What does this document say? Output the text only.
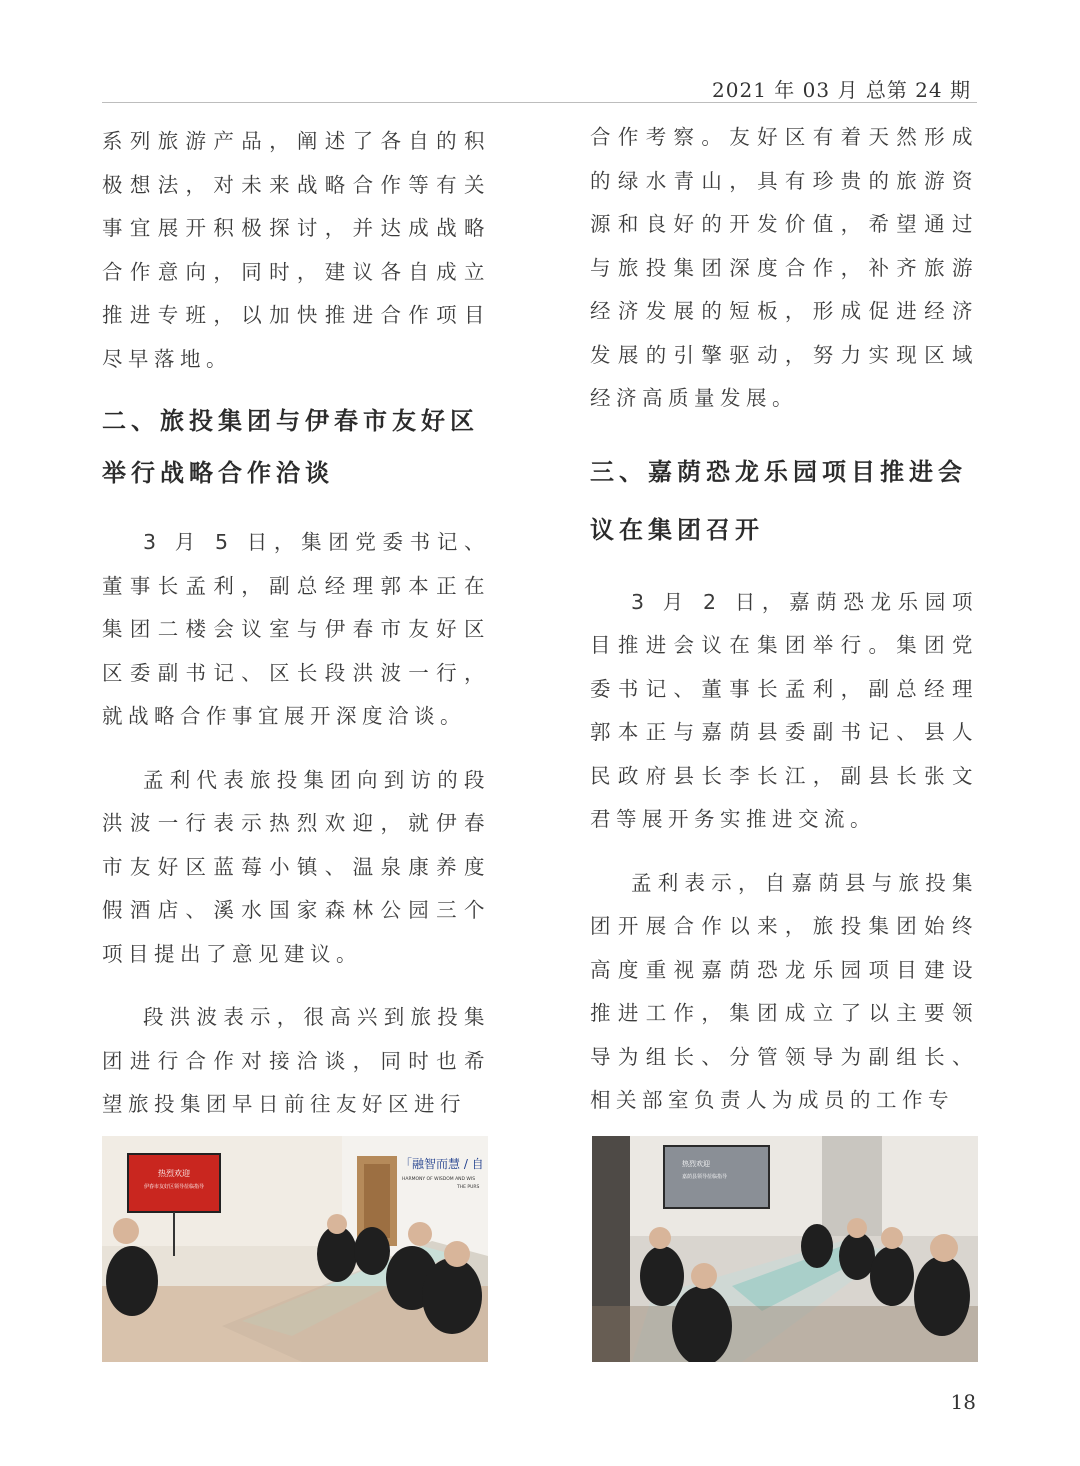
2021 年 03 月 总第 24 期

系列旅游产品，阐述了各自的积极想法，对未来战略合作等有关事宜展开积极探讨，并达成战略合作意向，同时，建议各自成立推进专班，以加快推进合作项目尽早落地。

二、旅投集团与伊春市友好区举行战略合作洽谈

3 月 5 日，集团党委书记、董事长孟利，副总经理郭本正在集团二楼会议室与伊春市友好区区委副书记、区长段洪波一行，就战略合作事宜展开深度洽谈。

孟利代表旅投集团向到访的段洪波一行表示热烈欢迎，就伊春市友好区蓝莓小镇、温泉康养度假酒店、溪水国家森林公园三个项目提出了意见建议。

段洪波表示，很高兴到旅投集团进行合作对接洽谈，同时也希望旅投集团早日前往友好区进行

合作考察。友好区有着天然形成的绿水青山，具有珍贵的旅游资源和良好的开发价值，希望通过与旅投集团深度合作，补齐旅游经济发展的短板，形成促进经济发展的引擎驱动，努力实现区域经济高质量发展。

三、嘉荫恐龙乐园项目推进会议在集团召开

3 月 2 日，嘉荫恐龙乐园项目推进会议在集团举行。集团党委书记、董事长孟利，副总经理郭本正与嘉荫县委副书记、县人民政府县长李长江，副县长张文君等展开务实推进交流。

孟利表示，自嘉荫县与旅投集团开展合作以来，旅投集团始终高度重视嘉荫恐龙乐园项目建设推进工作，集团成立了以主要领导为组长、分管领导为副组长、相关部室负责人为成员的工作专

热烈欢迎
伊春市友好区领导莅临指导
「融智而慧 / 自
HARMONY OF WISDOM AND WIS
THE PURS
热烈欢迎
嘉荫县领导莅临指导
18
